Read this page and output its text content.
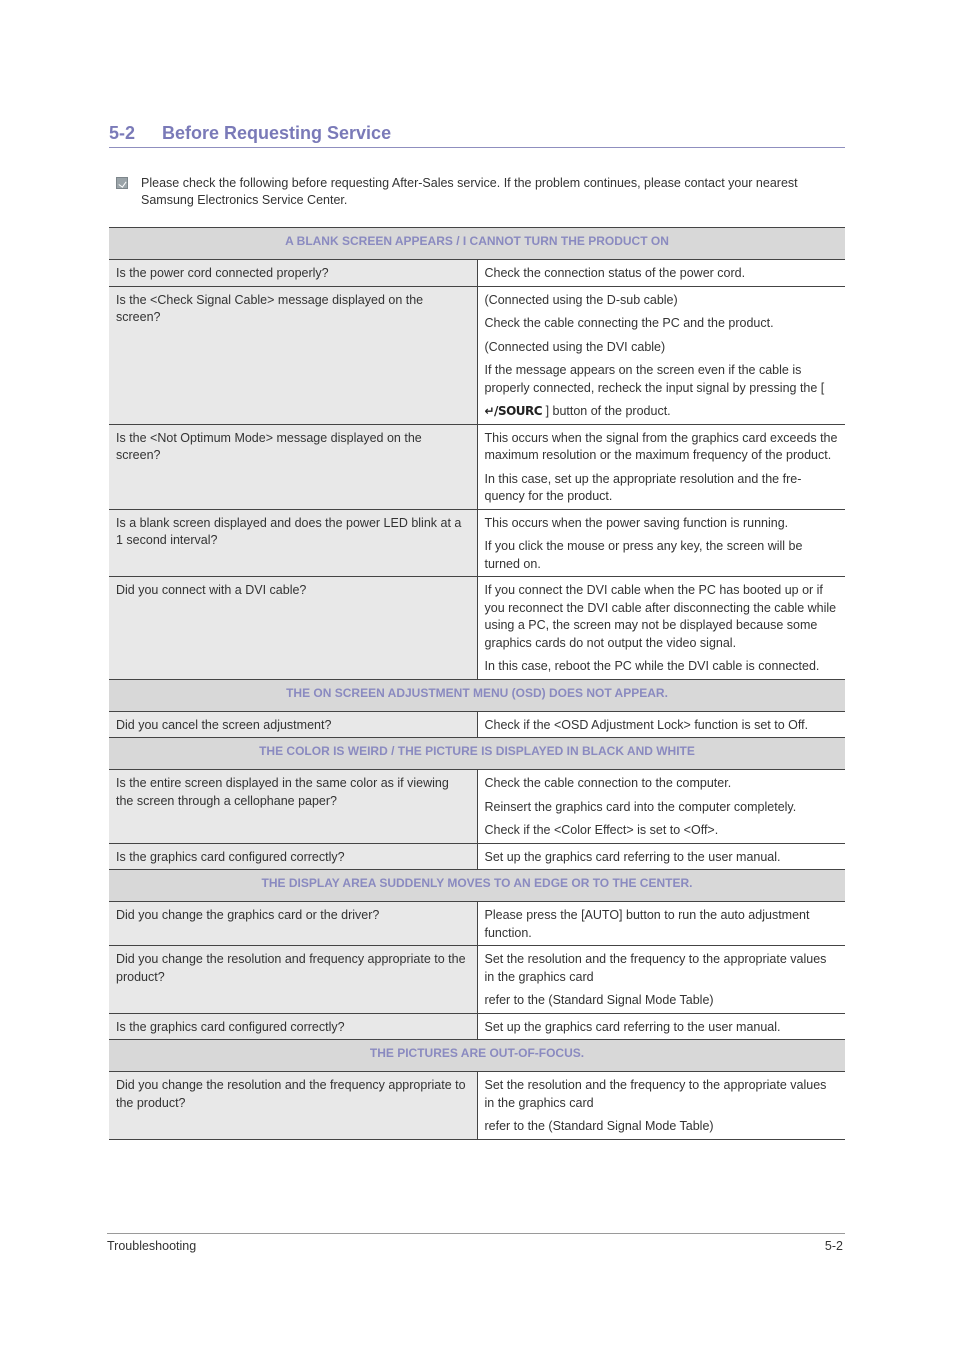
5-2 Before Requesting Service
Please check the following before requesting After-Sales service. If the problem continues, please contact your nearest Samsung Electronics Service Center.
A BLANK SCREEN APPEARS / I CANNOT TURN THE PRODUCT ON	
Is the power cord connected properly?	Check the connection status of the power cord.

Is the <Check Signal Cable> message displayed on the screen?	(Connected using the D-sub cable)

Check the cable connecting the PC and the product.

(Connected using the DVI cable)

If the message appears on the screen even if the cable is properly connected, recheck the input signal by pressing the [

↵/SOURC ] button of the product.

Is the <Not Optimum Mode> message displayed on the screen?	This occurs when the signal from the graphics card exceeds the maximum resolution or the maximum frequency of the product.

In this case, set up the appropriate resolution and the fre-quency for the product.

Is a blank screen displayed and does the power LED blink at a 1 second interval?	This occurs when the power saving function is running.

If you click the mouse or press any key, the screen will be turned on.

Did you connect with a DVI cable?	If you connect the DVI cable when the PC has booted up or if you reconnect the DVI cable after disconnecting the cable while using a PC, the screen may not be displayed because some graphics cards do not output the video signal.

In this case, reboot the PC while the DVI cable is connected.

THE ON SCREEN ADJUSTMENT MENU (OSD) DOES NOT APPEAR.	
Did you cancel the screen adjustment?	Check if the <OSD Adjustment Lock> function is set to Off.

THE COLOR IS WEIRD / THE PICTURE IS DISPLAYED IN BLACK AND WHITE	
Is the entire screen displayed in the same color as if viewing the screen through a cellophane paper?	Check the cable connection to the computer.

Reinsert the graphics card into the computer completely.

Check if the <Color Effect> is set to <Off>.

Is the graphics card configured correctly?	Set up the graphics card referring to the user manual.

THE DISPLAY AREA SUDDENLY MOVES TO AN EDGE OR TO THE CENTER.	
Did you change the graphics card or the driver?	Please press the [AUTO] button to run the auto adjustment function.

Did you change the resolution and frequency appropriate to the product?	Set the resolution and the frequency to the appropriate values in the graphics card

refer to the (Standard Signal Mode Table)

Is the graphics card configured correctly?	Set up the graphics card referring to the user manual.

THE PICTURES ARE OUT-OF-FOCUS.	
Did you change the resolution and the frequency appropriate to the product?	Set the resolution and the frequency to the appropriate values in the graphics card

refer to the (Standard Signal Mode Table)

Troubleshooting	5-2
